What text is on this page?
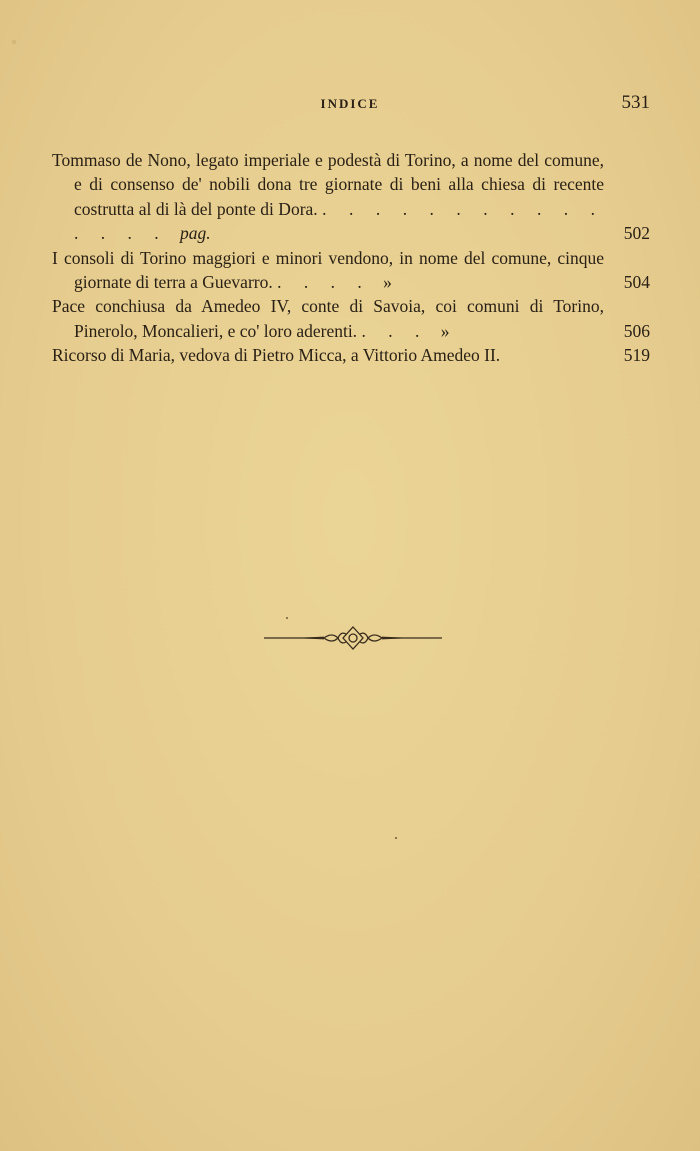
INDICE	531
Tommaso de Nono, legato imperiale e podestà di Torino, a nome del comune, e di consenso de' nobili dona tre giornate di beni alla chiesa di recente costrutta al di là del ponte di Dora. . . . . . . . . . . . . . . . pag.	502
I consoli di Torino maggiori e minori vendono, in nome del comune, cinque giornate di terra a Guevarro. . . . . »	504
Pace conchiusa da Amedeo IV, conte di Savoia, coi comuni di Torino, Pinerolo, Moncalieri, e co' loro aderenti. . . . »	506
Ricorso di Maria, vedova di Pietro Micca, a Vittorio Amedeo II.	519
